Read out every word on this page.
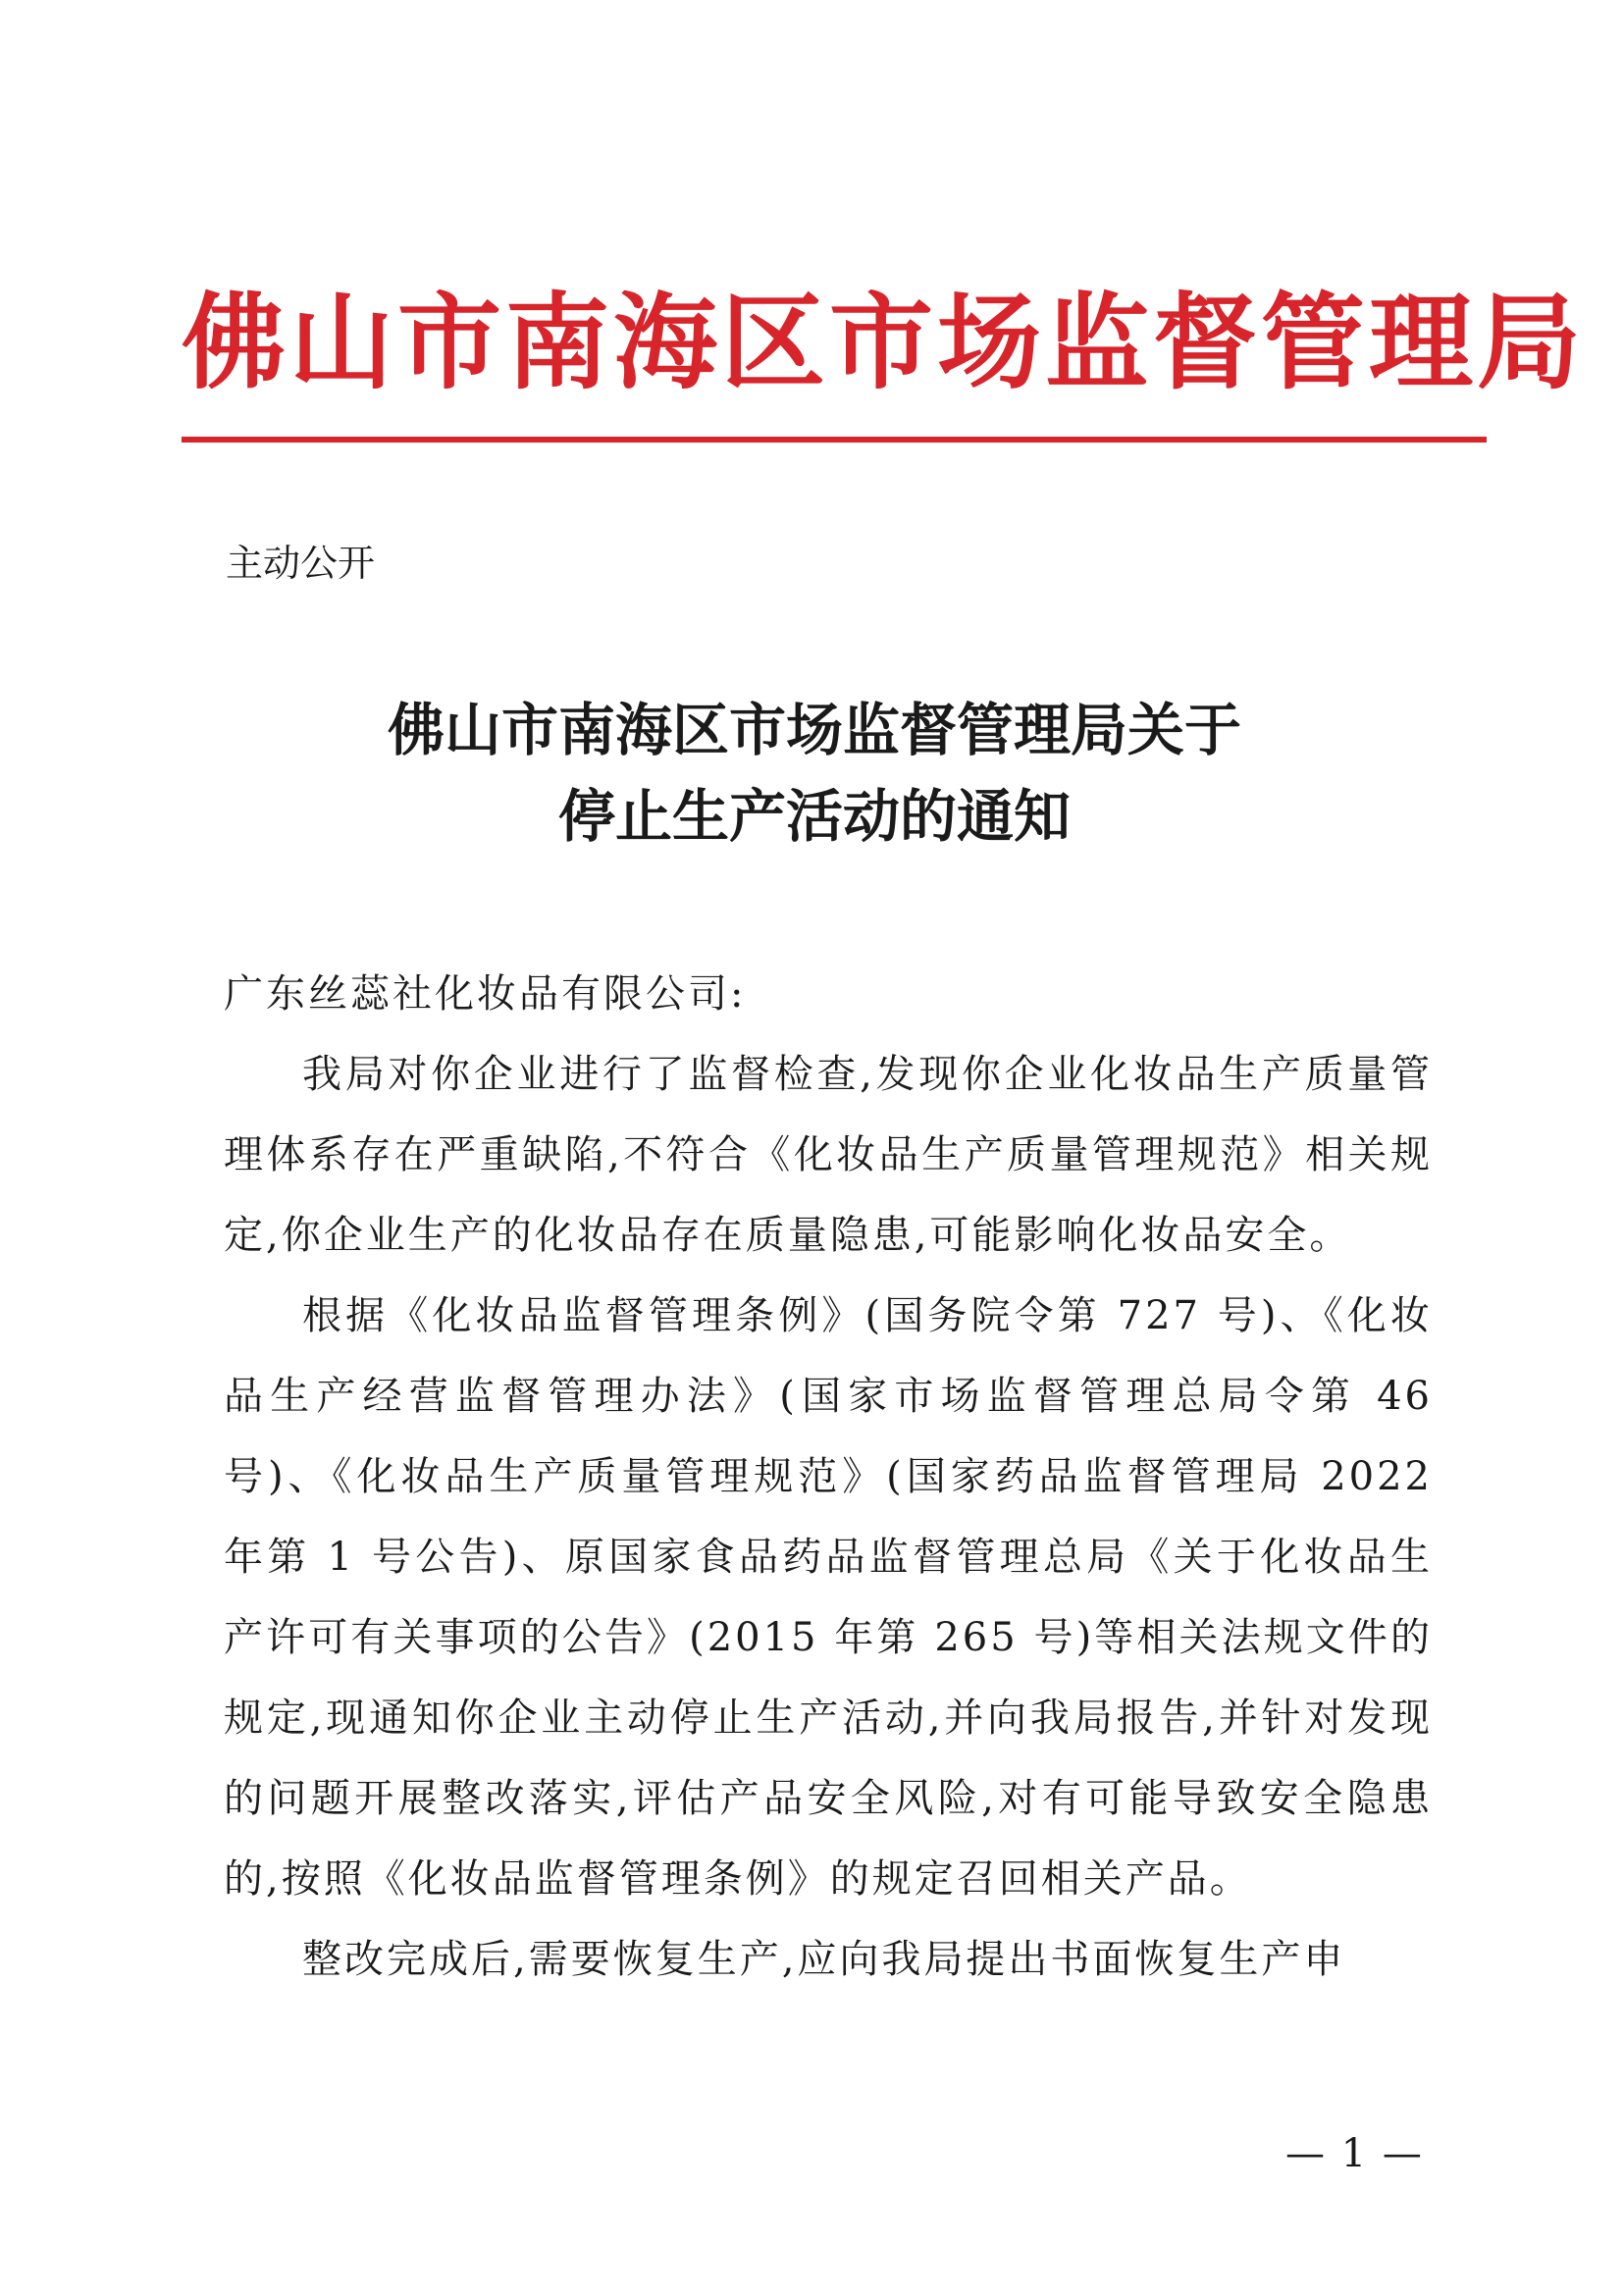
佛山市南海区市场监督管理局
主动公开
佛山市南海区市场监督管理局关于
停止生产活动的通知

广东丝蕊社化妆品有限公司:

我局对你企业进行了监督检查,发现你企业化妆品生产质量管理体系存在严重缺陷,不符合《化妆品生产质量管理规范》相关规定,你企业生产的化妆品存在质量隐患,可能影响化妆品安全。

根据《化妆品监督管理条例》(国务院令第 727 号)、《化妆品生产经营监督管理办法》(国家市场监督管理总局令第 46 号)、《化妆品生产质量管理规范》(国家药品监督管理局 2022 年第 1 号公告)、原国家食品药品监督管理总局《关于化妆品生产许可有关事项的公告》(2015 年第 265 号)等相关法规文件的规定,现通知你企业主动停止生产活动,并向我局报告,并针对发现的问题开展整改落实,评估产品安全风险,对有可能导致安全隐患的,按照《化妆品监督管理条例》的规定召回相关产品。

整改完成后,需要恢复生产,应向我局提出书面恢复生产申

— 1 —
